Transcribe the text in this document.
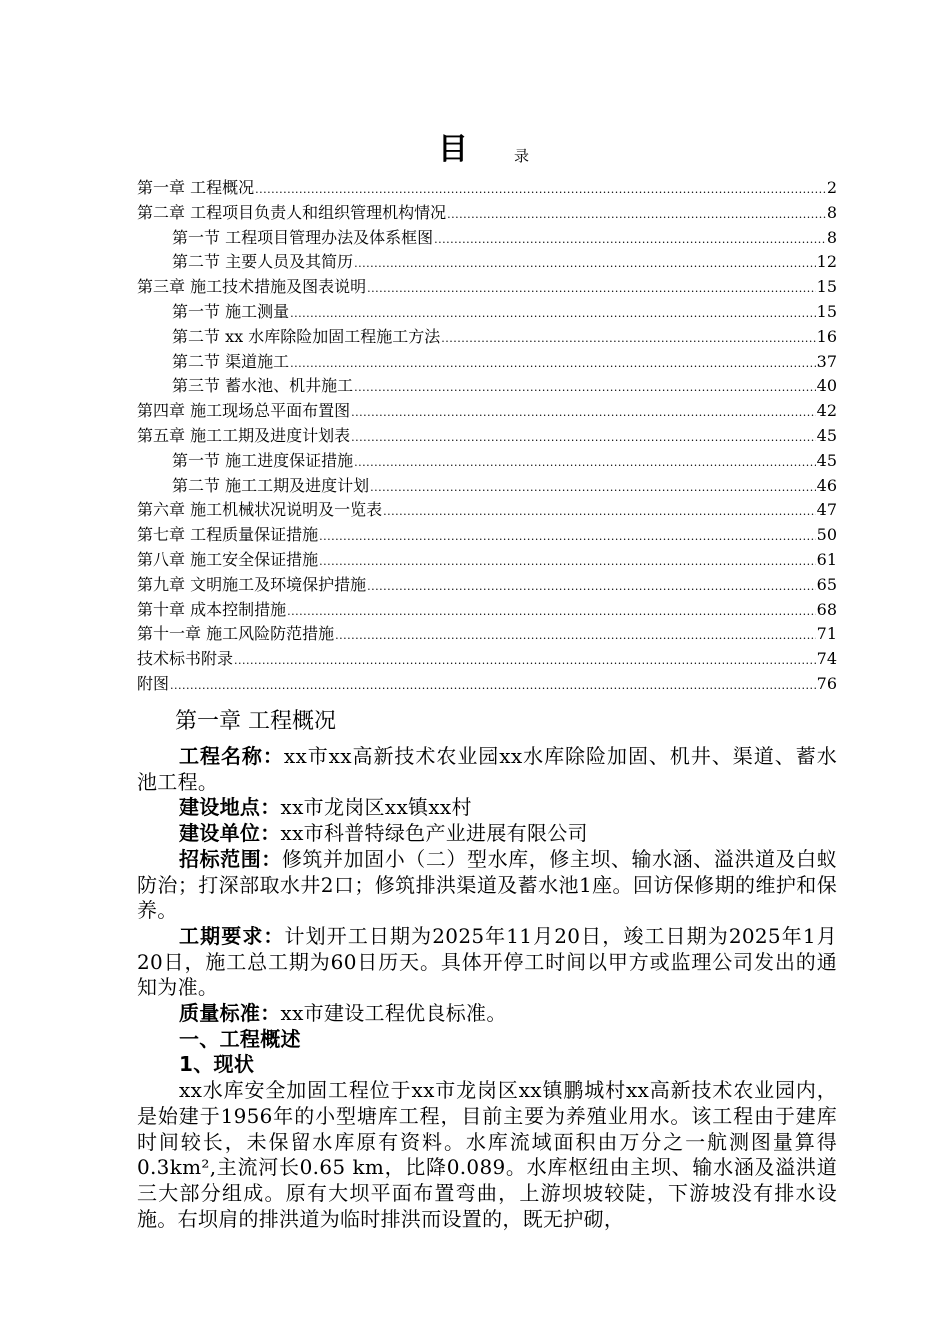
目	录
第一章 工程概况 .....	2
第二章 工程项目负责人和组织管理机构情况 .....	8
第一节 工程项目管理办法及体系框图 .....	8
第二节 主要人员及其简历 .....	12
第三章 施工技术措施及图表说明 .....	15
第一节 施工测量 .....	15
第二节 xx 水库除险加固工程施工方法 .....	16
第二节 渠道施工 .....	37
第三节 蓄水池、机井施工 .....	40
第四章 施工现场总平面布置图 .....	42
第五章 施工工期及进度计划表 .....	45
第一节 施工进度保证措施 .....	45
第二节 施工工期及进度计划 .....	46
第六章 施工机械状况说明及一览表 .....	47
第七章 工程质量保证措施 .....	50
第八章 施工安全保证措施 .....	61
第九章 文明施工及环境保护措施 .....	65
第十章 成本控制措施 .....	68
第十一章 施工风险防范措施 .....	71
技术标书附录 .....	74
附图 .....	76
第一章 工程概况

工程名称：xx市xx高新技术农业园xx水库除险加固、机井、渠道、蓄水池工程。

建设地点：xx市龙岗区xx镇xx村

建设单位：xx市科普特绿色产业进展有限公司

招标范围：修筑并加固小（二）型水库，修主坝、输水涵、溢洪道及白蚁防治；打深部取水井2口；修筑排洪渠道及蓄水池1座。回访保修期的维护和保养。

工期要求：计划开工日期为2025年11月20日，竣工日期为2025年1月20日，施工总工期为60日历天。具体开停工时间以甲方或监理公司发出的通知为准。

质量标准：xx市建设工程优良标准。

一、工程概述

1、现状

xx水库安全加固工程位于xx市龙岗区xx镇鹏城村xx高新技术农业园内，是始建于1956年的小型塘库工程，目前主要为养殖业用水。该工程由于建库时间较长，未保留水库原有资料。水库流域面积由万分之一航测图量算得0.3km²,主流河长0.65 km，比降0.089。水库枢纽由主坝、输水涵及溢洪道三大部分组成。原有大坝平面布置弯曲，上游坝坡较陡，下游坡没有排水设施。右坝肩的排洪道为临时排洪而设置的，既无护砌，
